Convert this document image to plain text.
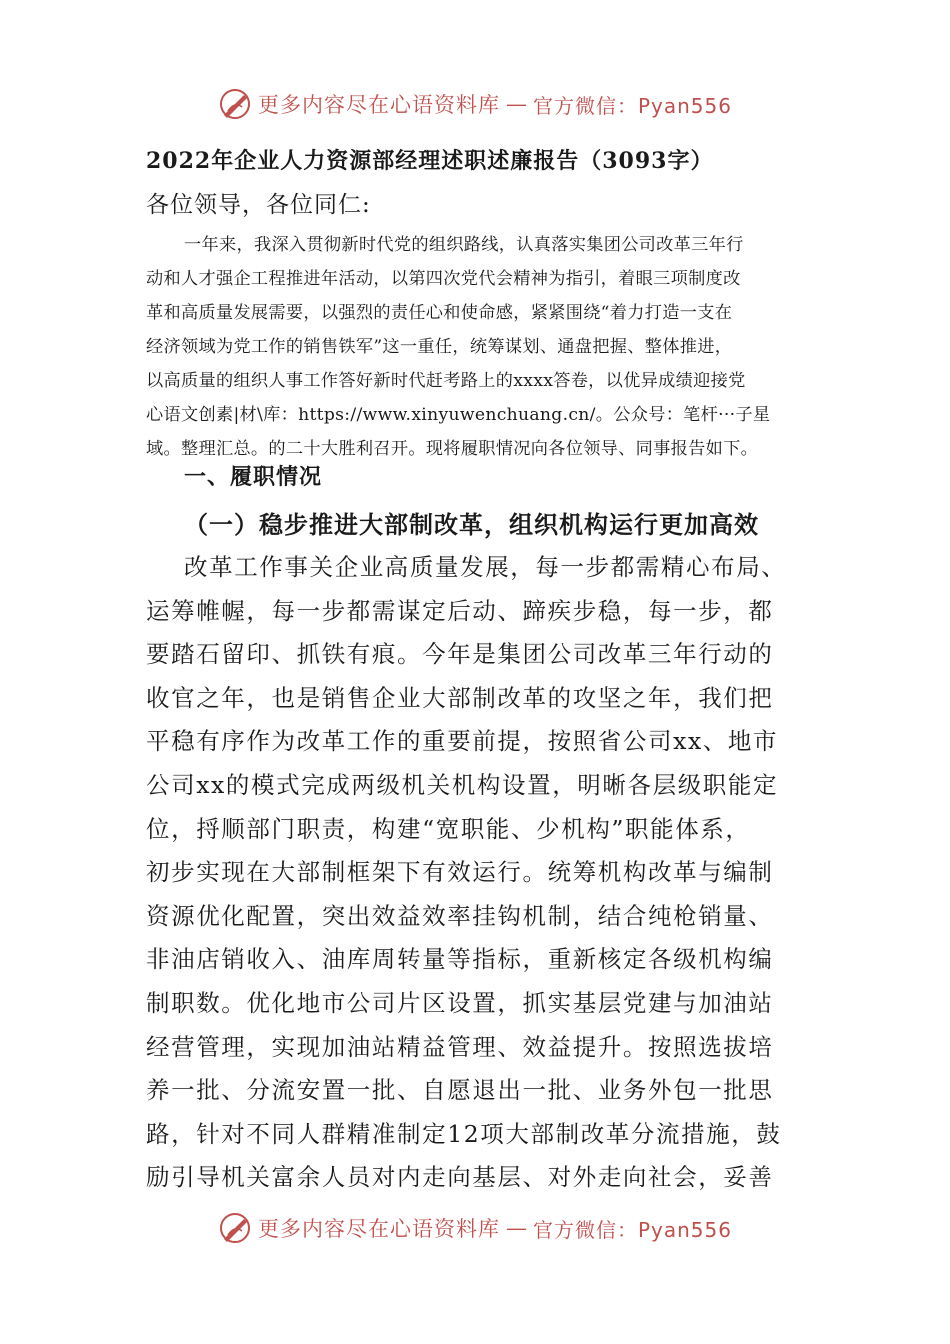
更多内容尽在心语资料库 — 官方微信：Pyan556
2022年企业人力资源部经理述职述廉报告（3093字）
各位领导，各位同仁:

一年来，我深入贯彻新时代党的组织路线，认真落实集团公司改革三年行

动和人才强企工程推进年活动，以第四次党代会精神为指引，着眼三项制度改

革和高质量发展需要，以强烈的责任心和使命感，紧紧围绕“着力打造一支在

经济领域为党工作的销售铁军”这一重任，统筹谋划、通盘把握、整体推进，

以高质量的组织人事工作答好新时代赶考路上的xxxx答卷，以优异成绩迎接党

心语文创素|材\库：https://www.xinyuwenchuang.cn/。公众号：笔杆···子星

域。整理汇总。的二十大胜利召开。现将履职情况向各位领导、同事报告如下。

一、履职情况
（一）稳步推进大部制改革，组织机构运行更加高效

改革工作事关企业高质量发展，每一步都需精心布局、

运筹帷幄，每一步都需谋定后动、蹄疾步稳，每一步，都

要踏石留印、抓铁有痕。今年是集团公司改革三年行动的

收官之年，也是销售企业大部制改革的攻坚之年，我们把

平稳有序作为改革工作的重要前提，按照省公司xx、地市

公司xx的模式完成两级机关机构设置，明晰各层级职能定

位，捋顺部门职责，构建“宽职能、少机构”职能体系，

初步实现在大部制框架下有效运行。统筹机构改革与编制

资源优化配置，突出效益效率挂钩机制，结合纯枪销量、

非油店销收入、油库周转量等指标，重新核定各级机构编

制职数。优化地市公司片区设置，抓实基层党建与加油站

经营管理，实现加油站精益管理、效益提升。按照选拔培

养一批、分流安置一批、自愿退出一批、业务外包一批思

路，针对不同人群精准制定12项大部制改革分流措施，鼓

励引导机关富余人员对内走向基层、对外走向社会，妥善

更多内容尽在心语资料库 — 官方微信：Pyan556
